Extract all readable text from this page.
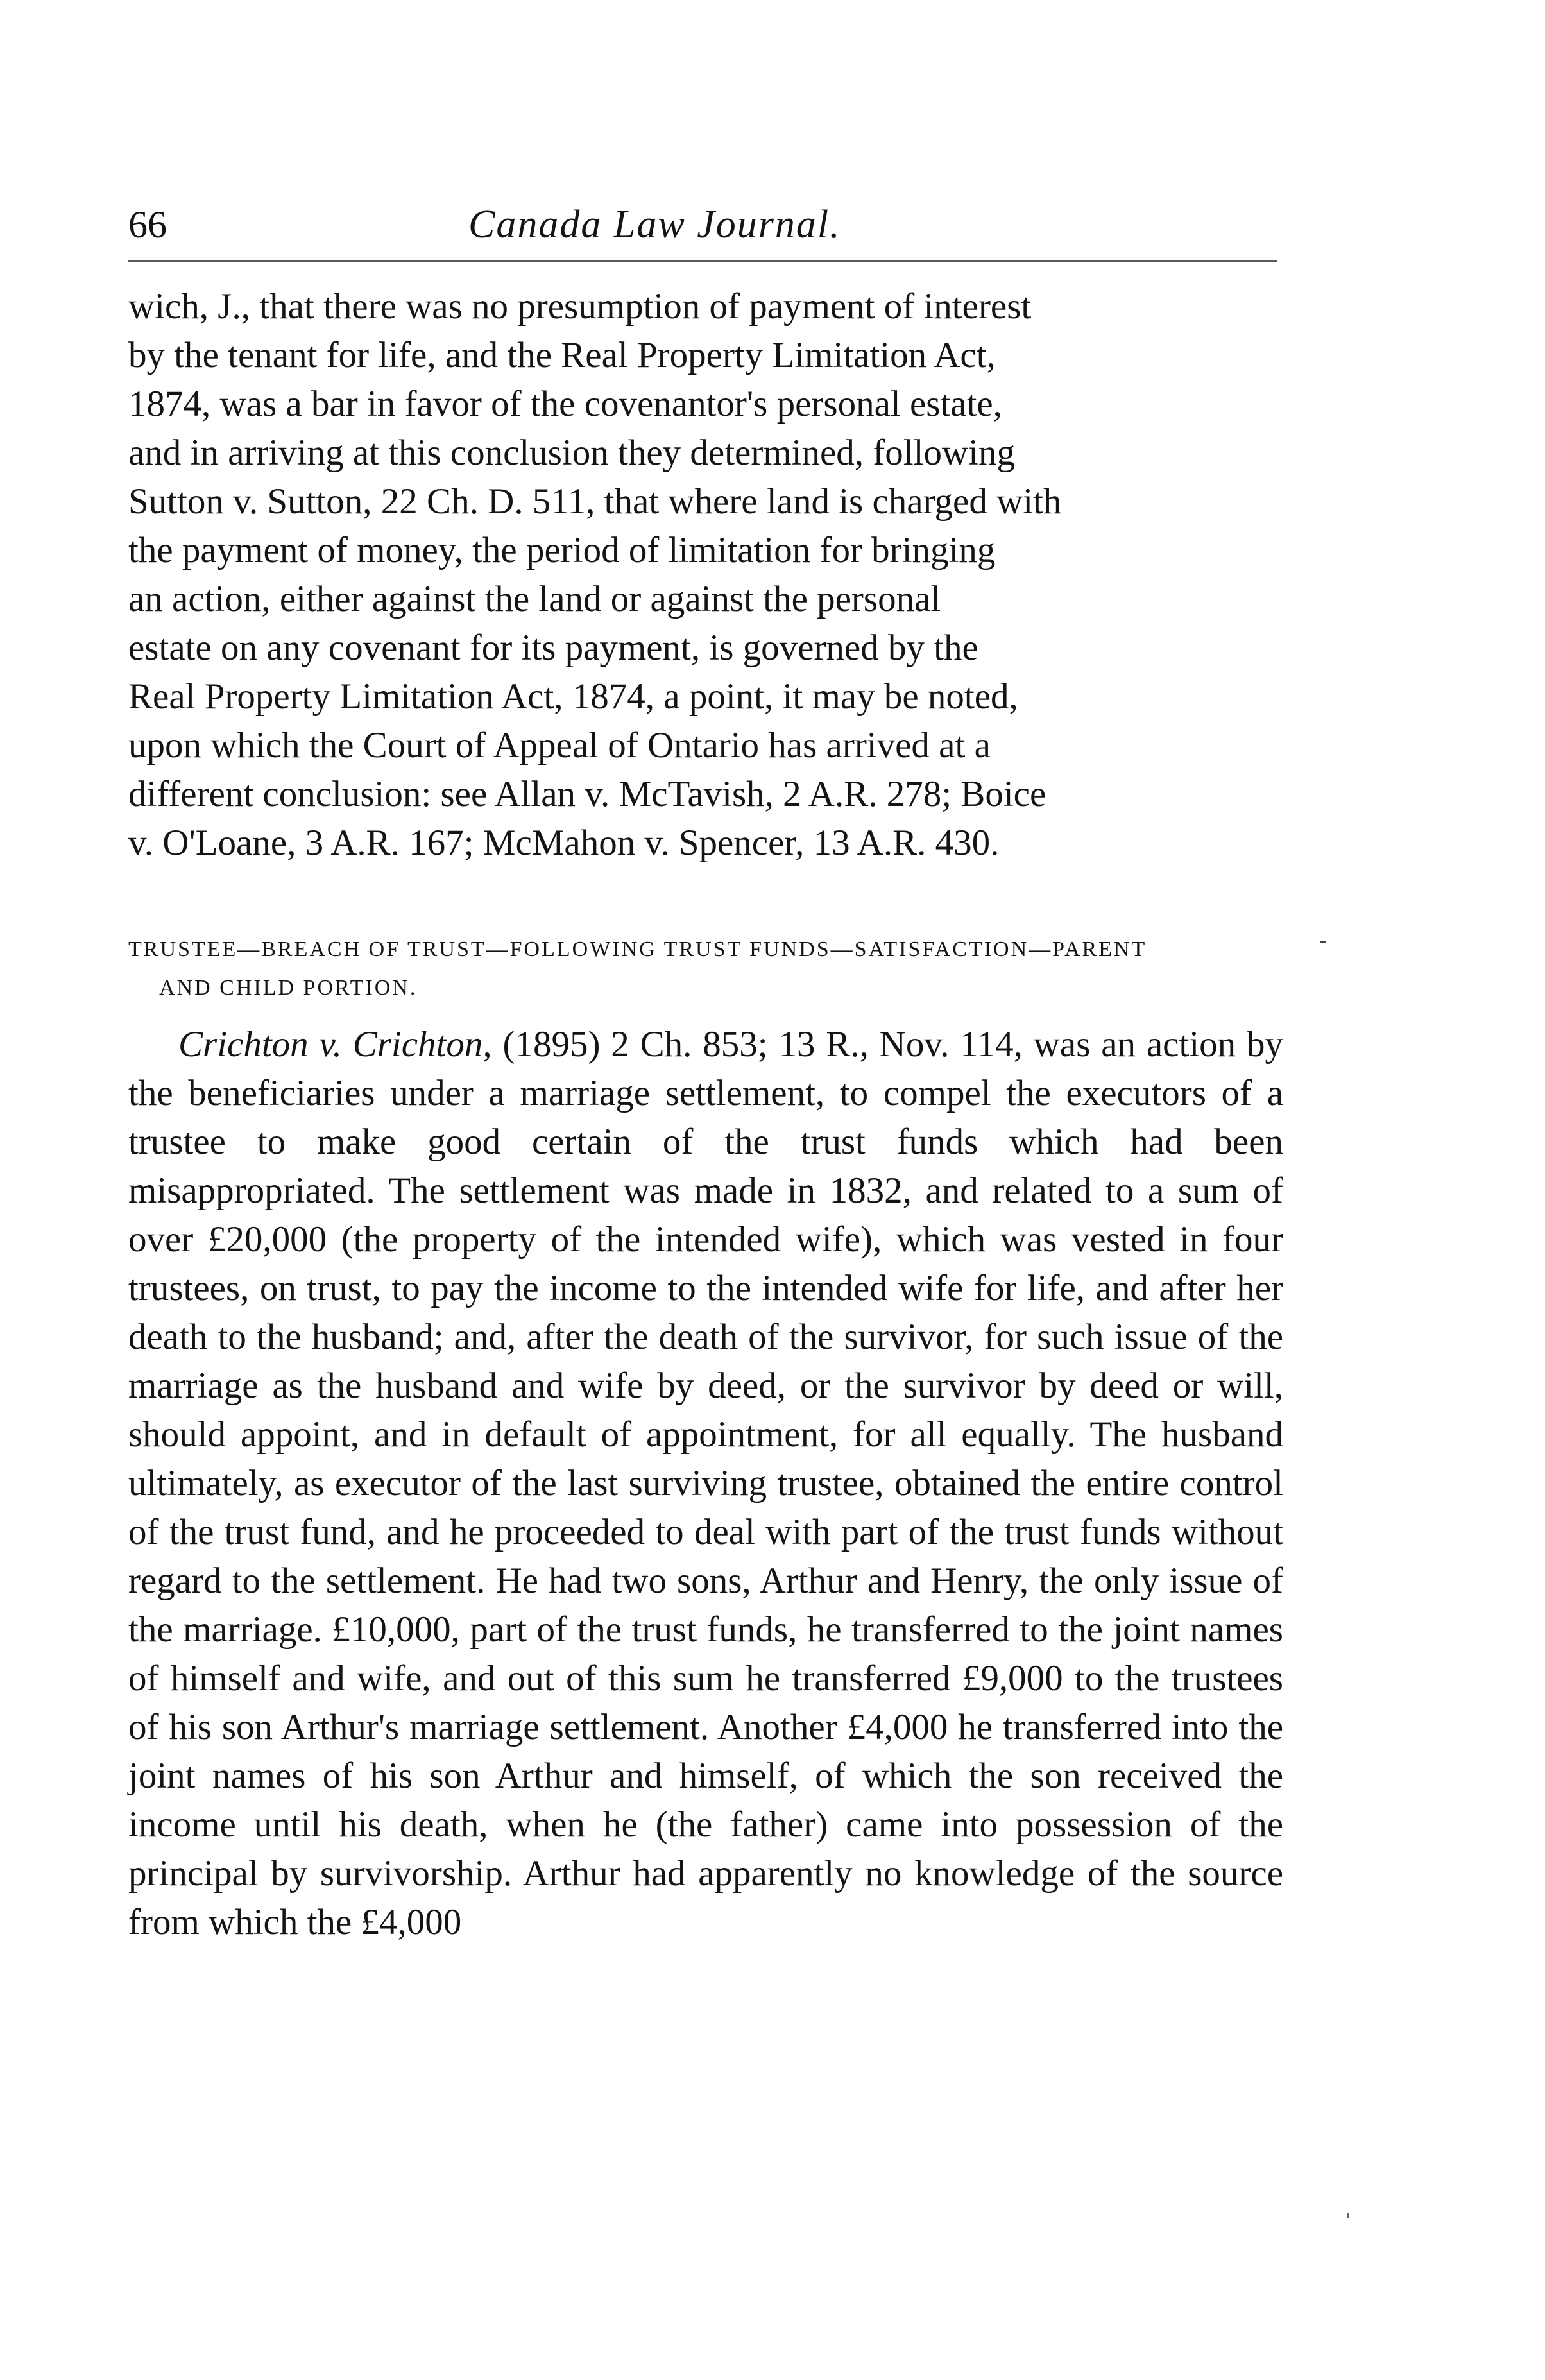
66	Canada Law Journal.

wich, J., that there was no presumption of payment of interest
by the tenant for life, and the Real Property Limitation Act,
1874, was a bar in favor of the covenantor's personal estate,
and in arriving at this conclusion they determined, following
Sutton v. Sutton, 22 Ch. D. 511, that where land is charged with
the payment of money, the period of limitation for bringing
an action, either against the land or against the personal
estate on any covenant for its payment, is governed by the
Real Property Limitation Act, 1874, a point, it may be noted,
upon which the Court of Appeal of Ontario has arrived at a
different conclusion: see Allan v. McTavish, 2 A.R. 278; Boice
v. O'Loane, 3 A.R. 167; McMahon v. Spencer, 13 A.R. 430.

TRUSTEE—BREACH OF TRUST—FOLLOWING TRUST FUNDS—SATISFACTION—PARENT
AND CHILD PORTION.

Crichton v. Crichton, (1895) 2 Ch. 853; 13 R., Nov. 114, was an action by the beneficiaries under a marriage settlement, to compel the executors of a trustee to make good certain of the trust funds which had been misappropriated. The settlement was made in 1832, and related to a sum of over £20,000 (the property of the intended wife), which was vested in four trustees, on trust, to pay the income to the intended wife for life, and after her death to the husband; and, after the death of the survivor, for such issue of the marriage as the husband and wife by deed, or the survivor by deed or will, should appoint, and in default of appointment, for all equally. The husband ultimately, as executor of the last surviving trustee, obtained the entire control of the trust fund, and he proceeded to deal with part of the trust funds without regard to the settlement. He had two sons, Arthur and Henry, the only issue of the marriage. £10,000, part of the trust funds, he transferred to the joint names of himself and wife, and out of this sum he transferred £9,000 to the trustees of his son Arthur's marriage settlement. Another £4,000 he transferred into the joint names of his son Arthur and himself, of which the son received the income until his death, when he (the father) came into possession of the principal by survivorship. Arthur had apparently no knowledge of the source from which the £4,000
